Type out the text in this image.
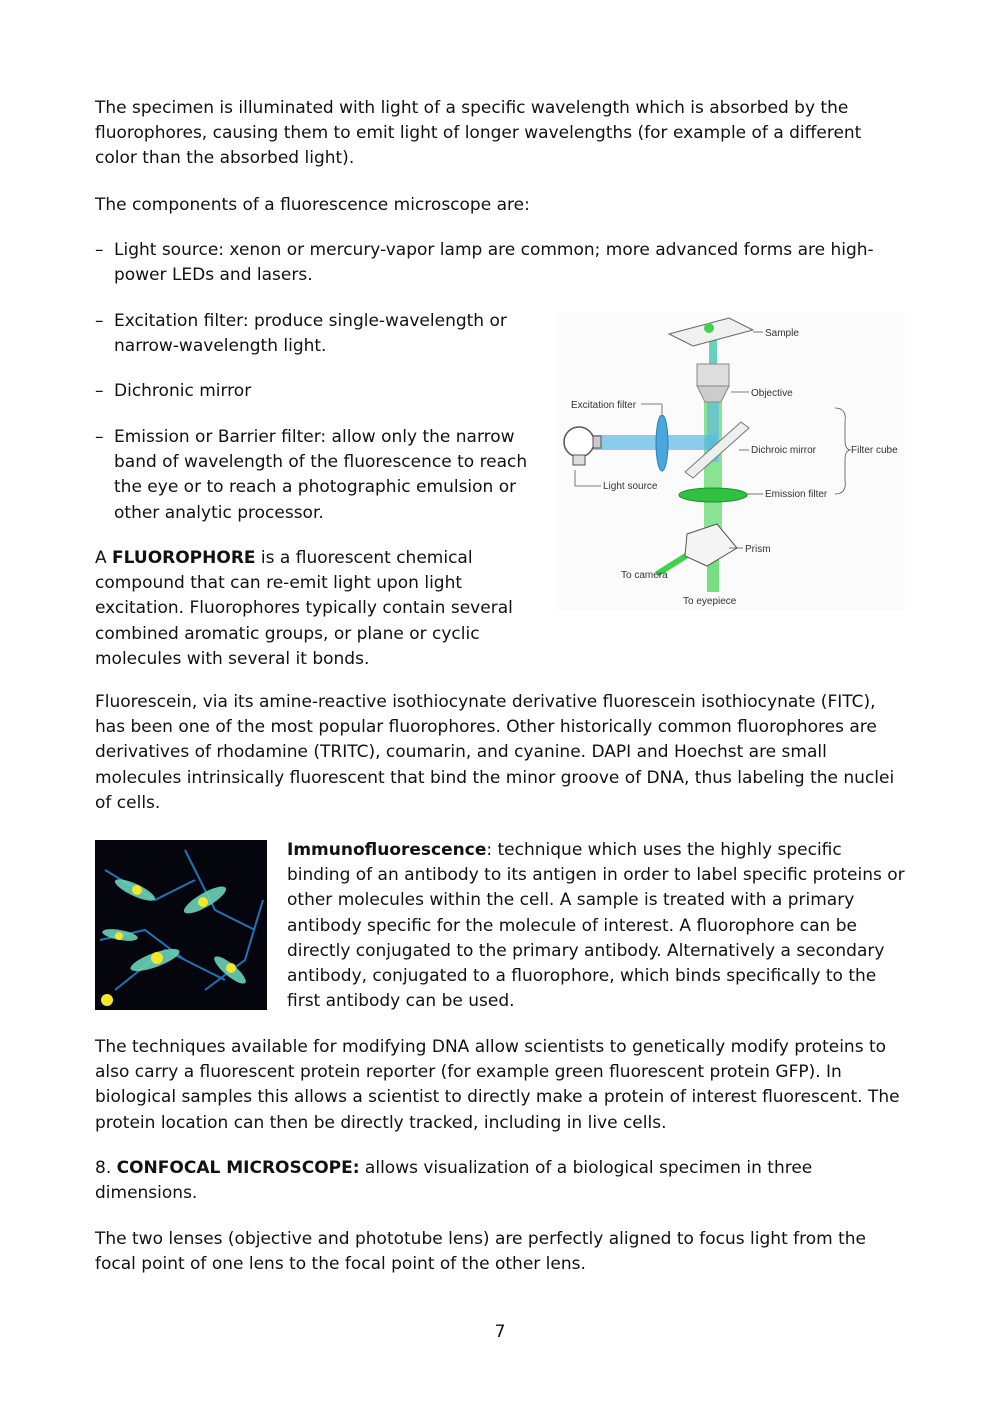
The specimen is illuminated with light of a specific wavelength which is absorbed by the fluorophores, causing them to emit light of longer wavelengths (for example of a different color than the absorbed light).

The components of a fluorescence microscope are:

– Light source: xenon or mercury-vapor lamp are common; more advanced forms are high-power LEDs and lasers.
– Excitation filter: produce single-wavelength or narrow-wavelength light.
– Dichronic mirror
– Emission or Barrier filter: allow only the narrow band of wavelength of the fluorescence to reach the eye or to reach a photographic emulsion or other analytic processor.

A FLUOROPHORE is a fluorescent chemical compound that can re-emit light upon light excitation. Fluorophores typically contain several combined aromatic groups, or plane or cyclic molecules with several it bonds.

Sample
Objective
Excitation filter
Dichroic mirror	Filter cube
Light source
Emission filter
Prism
To camera
To eyepiece

Fluorescein, via its amine-reactive isothiocynate derivative fluorescein isothiocynate (FITC), has been one of the most popular fluorophores. Other historically common fluorophores are derivatives of rhodamine (TRITC), coumarin, and cyanine. DAPI and Hoechst are small molecules intrinsically fluorescent that bind the minor groove of DNA, thus labeling the nuclei of cells.

Immunofluorescence: technique which uses the highly specific binding of an antibody to its antigen in order to label specific proteins or other molecules within the cell. A sample is treated with a primary antibody specific for the molecule of interest. A fluorophore can be directly conjugated to the primary antibody. Alternatively a secondary antibody, conjugated to a fluorophore, which binds specifically to the first antibody can be used.

The techniques available for modifying DNA allow scientists to genetically modify proteins to also carry a fluorescent protein reporter (for example green fluorescent protein GFP). In biological samples this allows a scientist to directly make a protein of interest fluorescent. The protein location can then be directly tracked, including in live cells.

8. CONFOCAL MICROSCOPE: allows visualization of a biological specimen in three dimensions.

The two lenses (objective and phototube lens) are perfectly aligned to focus light from the focal point of one lens to the focal point of the other lens.

7
